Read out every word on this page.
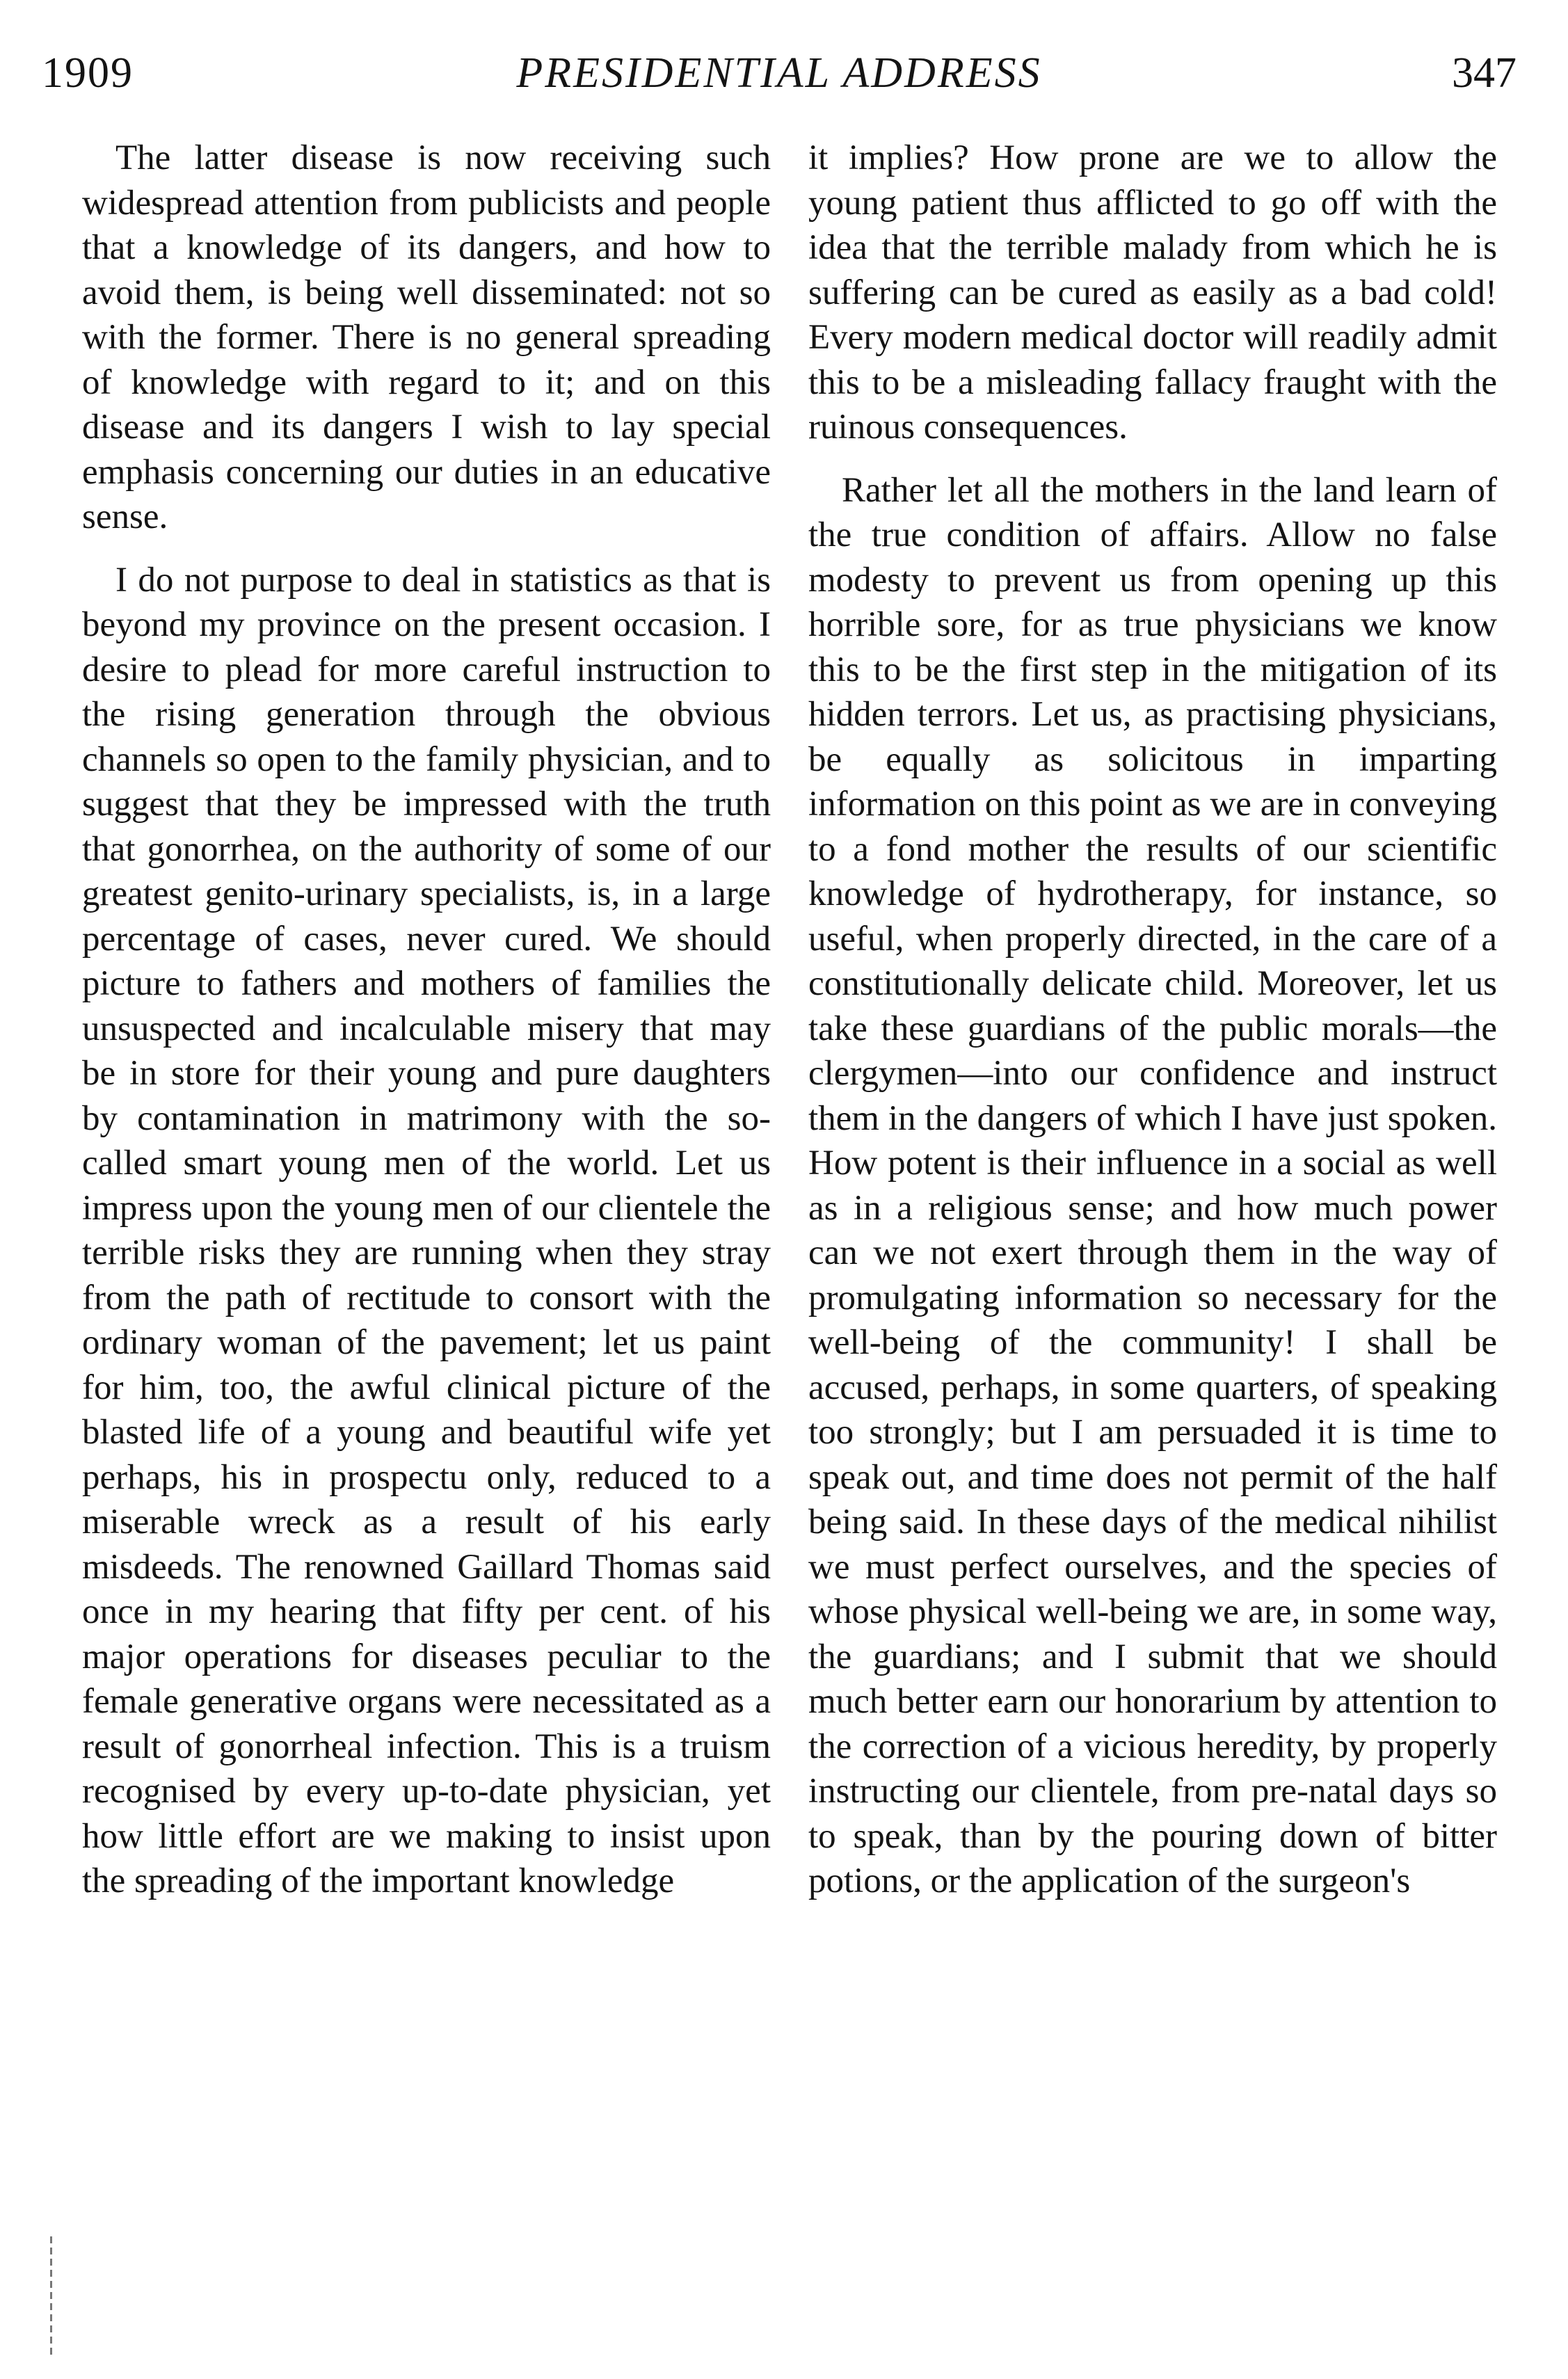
1909	PRESIDENTIAL ADDRESS	347

The latter disease is now receiving such widespread attention from publicists and people that a knowledge of its dangers, and how to avoid them, is being well disseminated: not so with the former. There is no general spreading of knowledge with regard to it; and on this disease and its dangers I wish to lay special emphasis concerning our duties in an educative sense.

I do not purpose to deal in statistics as that is beyond my province on the present occasion. I desire to plead for more careful instruction to the rising generation through the obvious channels so open to the family physician, and to suggest that they be impressed with the truth that gonorrhea, on the authority of some of our greatest genito-urinary specialists, is, in a large percentage of cases, never cured. We should picture to fathers and mothers of families the unsuspected and incalculable misery that may be in store for their young and pure daughters by contamination in matrimony with the so-called smart young men of the world. Let us impress upon the young men of our clientele the terrible risks they are running when they stray from the path of rectitude to consort with the ordinary woman of the pavement; let us paint for him, too, the awful clinical picture of the blasted life of a young and beautiful wife yet perhaps, his in prospectu only, reduced to a miserable wreck as a result of his early misdeeds. The renowned Gaillard Thomas said once in my hearing that fifty per cent. of his major operations for diseases peculiar to the female generative organs were necessitated as a result of gonorrheal infection. This is a truism recognised by every up-to-date physician, yet how little effort are we making to insist upon the spreading of the important knowledge

it implies? How prone are we to allow the young patient thus afflicted to go off with the idea that the terrible malady from which he is suffering can be cured as easily as a bad cold! Every modern medical doctor will readily admit this to be a misleading fallacy fraught with the ruinous consequences.

Rather let all the mothers in the land learn of the true condition of affairs. Allow no false modesty to prevent us from opening up this horrible sore, for as true physicians we know this to be the first step in the mitigation of its hidden terrors. Let us, as practising physicians, be equally as solicitous in imparting information on this point as we are in conveying to a fond mother the results of our scientific knowledge of hydrotherapy, for instance, so useful, when properly directed, in the care of a constitutionally delicate child. Moreover, let us take these guardians of the public morals—the clergymen—into our confidence and instruct them in the dangers of which I have just spoken. How potent is their influence in a social as well as in a religious sense; and how much power can we not exert through them in the way of promulgating information so necessary for the well-being of the community! I shall be accused, perhaps, in some quarters, of speaking too strongly; but I am persuaded it is time to speak out, and time does not permit of the half being said. In these days of the medical nihilist we must perfect ourselves, and the species of whose physical well-being we are, in some way, the guardians; and I submit that we should much better earn our honorarium by attention to the correction of a vicious heredity, by properly instructing our clientele, from pre-natal days so to speak, than by the pouring down of bitter potions, or the application of the surgeon's
